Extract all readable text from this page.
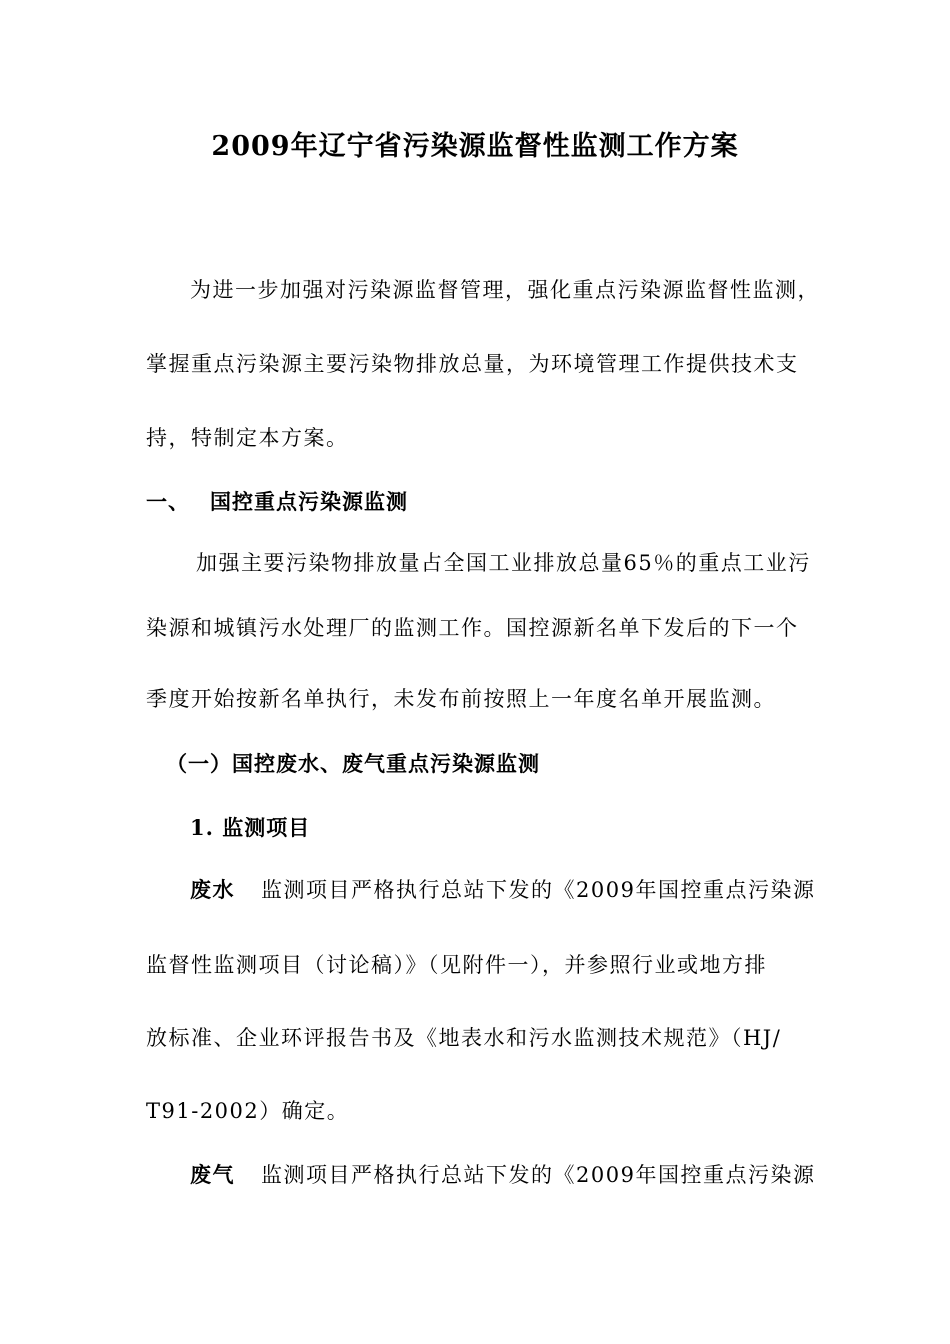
2009年辽宁省污染源监督性监测工作方案
为进一步加强对污染源监督管理，强化重点污染源监督性监测，
掌握重点污染源主要污染物排放总量，为环境管理工作提供技术支
持，特制定本方案。
一、 国控重点污染源监测
加强主要污染物排放量占全国工业排放总量65％的重点工业污
染源和城镇污水处理厂的监测工作。国控源新名单下发后的下一个
季度开始按新名单执行，未发布前按照上一年度名单开展监测。
（一）国控废水、废气重点污染源监测
1. 监测项目
废水 监测项目严格执行总站下发的《2009年国控重点污染源
监督性监测项目（讨论稿）》（见附件一），并参照行业或地方排
放标准、企业环评报告书及《地表水和污水监测技术规范》（HJ/
T91-2002）确定。
废气 监测项目严格执行总站下发的《2009年国控重点污染源
